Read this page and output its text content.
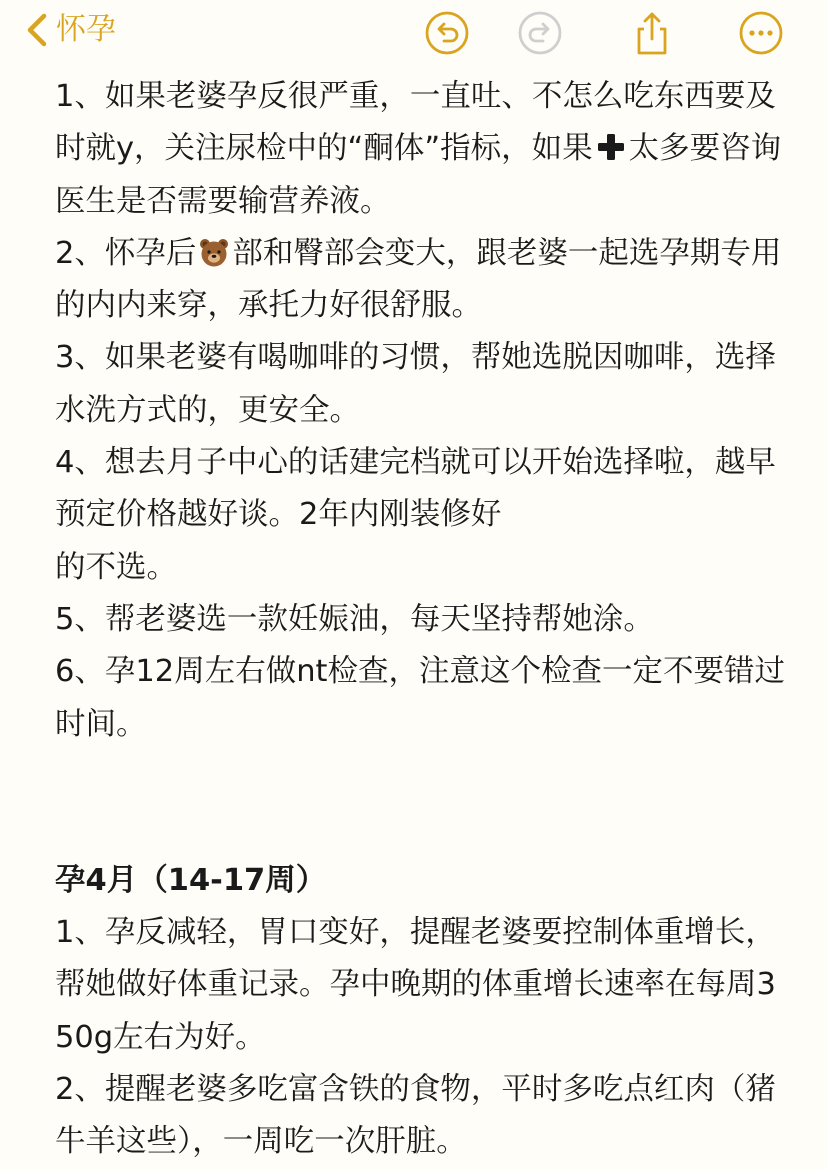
怀孕

1、如果老婆孕反很严重，一直吐、不怎么吃东西要及时就y，关注尿检中的“酮体”指标，如果 太多要咨询医生是否需要输营养液。

2、怀孕后 部和臀部会变大，跟老婆一起选孕期专用的内内来穿，承托力好很舒服。

3、如果老婆有喝咖啡的习惯，帮她选脱因咖啡，选择水洗方式的，更安全。

4、想去月子中心的话建完档就可以开始选择啦，越早预定价格越好谈。2年内刚装修好
的不选。

5、帮老婆选一款妊娠油，每天坚持帮她涂。

6、孕12周左右做nt检查，注意这个检查一定不要错过时间。

孕4月（14-17周）

1、孕反减轻，胃口变好，提醒老婆要控制体重增长，帮她做好体重记录。孕中晚期的体重增长速率在每周350g左右为好。

2、提醒老婆多吃富含铁的食物，平时多吃点红肉（猪牛羊这些），一周吃一次肝脏。
